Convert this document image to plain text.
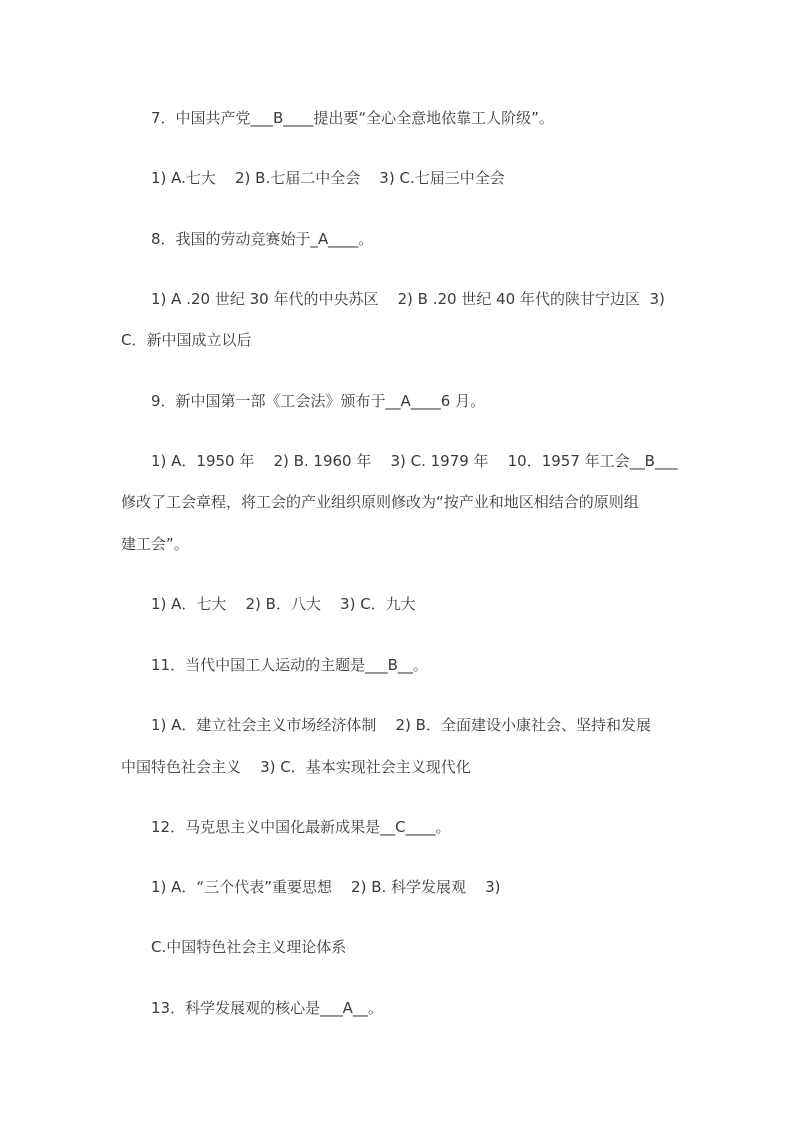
7．中国共产党___B____提出要“全心全意地依靠工人阶级”。

1) A.七大    2) B.七届二中全会    3) C.七届三中全会

8．我国的劳动竞赛始于_A____。

1) A .20 世纪 30 年代的中央苏区    2) B .20 世纪 40 年代的陕甘宁边区  3)

C．新中国成立以后

9．新中国第一部《工会法》颁布于__A____6 月。

1) A．1950 年    2) B. 1960 年    3) C. 1979 年    10．1957 年工会__B___

修改了工会章程，将工会的产业组织原则修改为“按产业和地区相结合的原则组

建工会”。

1) A．七大    2) B．八大    3) C．九大

11．当代中国工人运动的主题是___B__。

1) A．建立社会主义市场经济体制    2) B．全面建设小康社会、坚持和发展

中国特色社会主义    3) C．基本实现社会主义现代化

12．马克思主义中国化最新成果是__C____。

1) A．“三个代表”重要思想    2) B. 科学发展观    3)

C.中国特色社会主义理论体系

13．科学发展观的核心是___A__。
